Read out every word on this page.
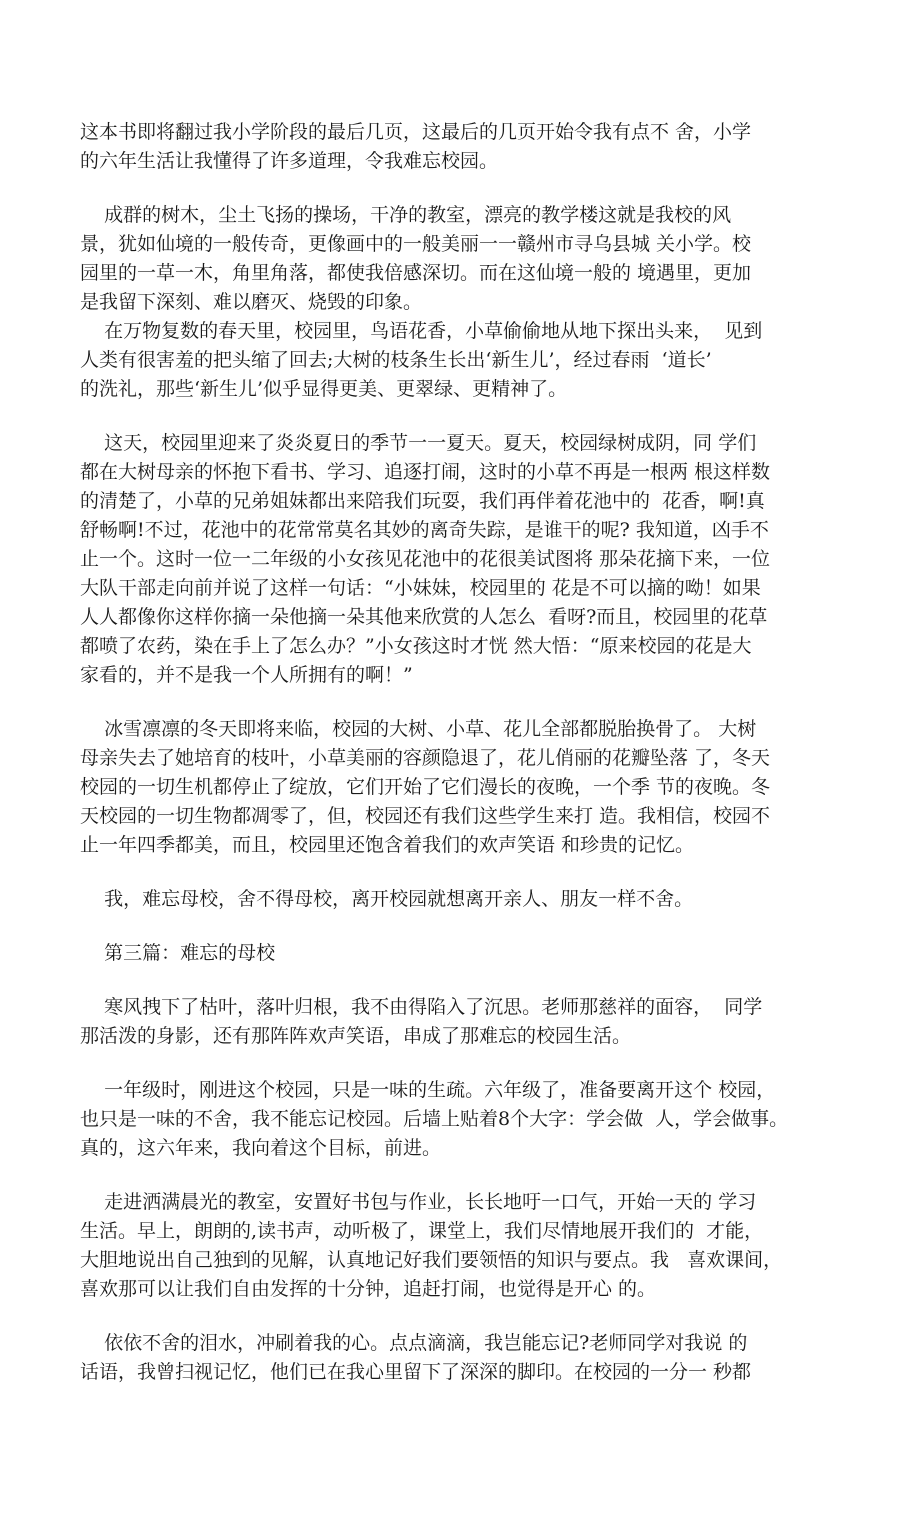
这本书即将翻过我小学阶段的最后几页，这最后的几页开始令我有点不 舍，小学
的六年生活让我懂得了许多道理，令我难忘校园。
成群的树木，尘土飞扬的操场，干净的教室，漂亮的教学楼这就是我校的风
景，犹如仙境的一般传奇，更像画中的一般美丽一一赣州市寻乌县城 关小学。校
园里的一草一木，角里角落，都使我倍感深切。而在这仙境一般的 境遇里，更加
是我留下深刻、难以磨灭、烧毁的印象。
在万物复数的春天里，校园里，鸟语花香，小草偷偷地从地下探出头来，  见到
人类有很害羞的把头缩了回去;大树的枝条生长出‘新生儿’，经过春雨  ‘道长’
的洗礼，那些‘新生儿’似乎显得更美、更翠绿、更精神了。
这天，校园里迎来了炎炎夏日的季节一一夏天。夏天，校园绿树成阴，同 学们
都在大树母亲的怀抱下看书、学习、追逐打闹，这时的小草不再是一根两 根这样数
的清楚了，小草的兄弟姐妹都出来陪我们玩耍，我们再伴着花池中的  花香，啊!真
舒畅啊!不过，花池中的花常常莫名其妙的离奇失踪，是谁干的呢? 我知道，凶手不
止一个。这时一位一二年级的小女孩见花池中的花很美试图将 那朵花摘下来，一位
大队干部走向前并说了这样一句话：“小妹妹，校园里的 花是不可以摘的呦！如果
人人都像你这样你摘一朵他摘一朵其他来欣赏的人怎么  看呀?而且，校园里的花草
都喷了农药，染在手上了怎么办？”小女孩这时才恍 然大悟：“原来校园的花是大
家看的，并不是我一个人所拥有的啊！”
冰雪凛凛的冬天即将来临，校园的大树、小草、花儿全部都脱胎换骨了。 大树
母亲失去了她培育的枝叶，小草美丽的容颜隐退了，花儿俏丽的花瓣坠落 了，冬天
校园的一切生机都停止了绽放，它们开始了它们漫长的夜晚，一个季 节的夜晚。冬
天校园的一切生物都凋零了，但，校园还有我们这些学生来打 造。我相信，校园不
止一年四季都美，而且，校园里还饱含着我们的欢声笑语 和珍贵的记忆。
我，难忘母校，舍不得母校，离开校园就想离开亲人、朋友一样不舍。
第三篇：难忘的母校
寒风拽下了枯叶，落叶归根，我不由得陷入了沉思。老师那慈祥的面容，  同学
那活泼的身影，还有那阵阵欢声笑语，串成了那难忘的校园生活。
一年级时，刚进这个校园，只是一味的生疏。六年级了，准备要离开这个 校园，
也只是一味的不舍，我不能忘记校园。后墙上贴着8个大字：学会做  人，学会做事。
真的，这六年来，我向着这个目标，前进。
走进洒满晨光的教室，安置好书包与作业，长长地吁一口气，开始一天的 学习
生活。早上，朗朗的,读书声，动听极了，课堂上，我们尽情地展开我们的  才能，
大胆地说出自己独到的见解，认真地记好我们要领悟的知识与要点。我   喜欢课间，
喜欢那可以让我们自由发挥的十分钟，追赶打闹，也觉得是开心 的。
依依不舍的泪水，冲刷着我的心。点点滴滴，我岂能忘记?老师同学对我说 的
话语，我曾扫视记忆，他们已在我心里留下了深深的脚印。在校园的一分一 秒都
